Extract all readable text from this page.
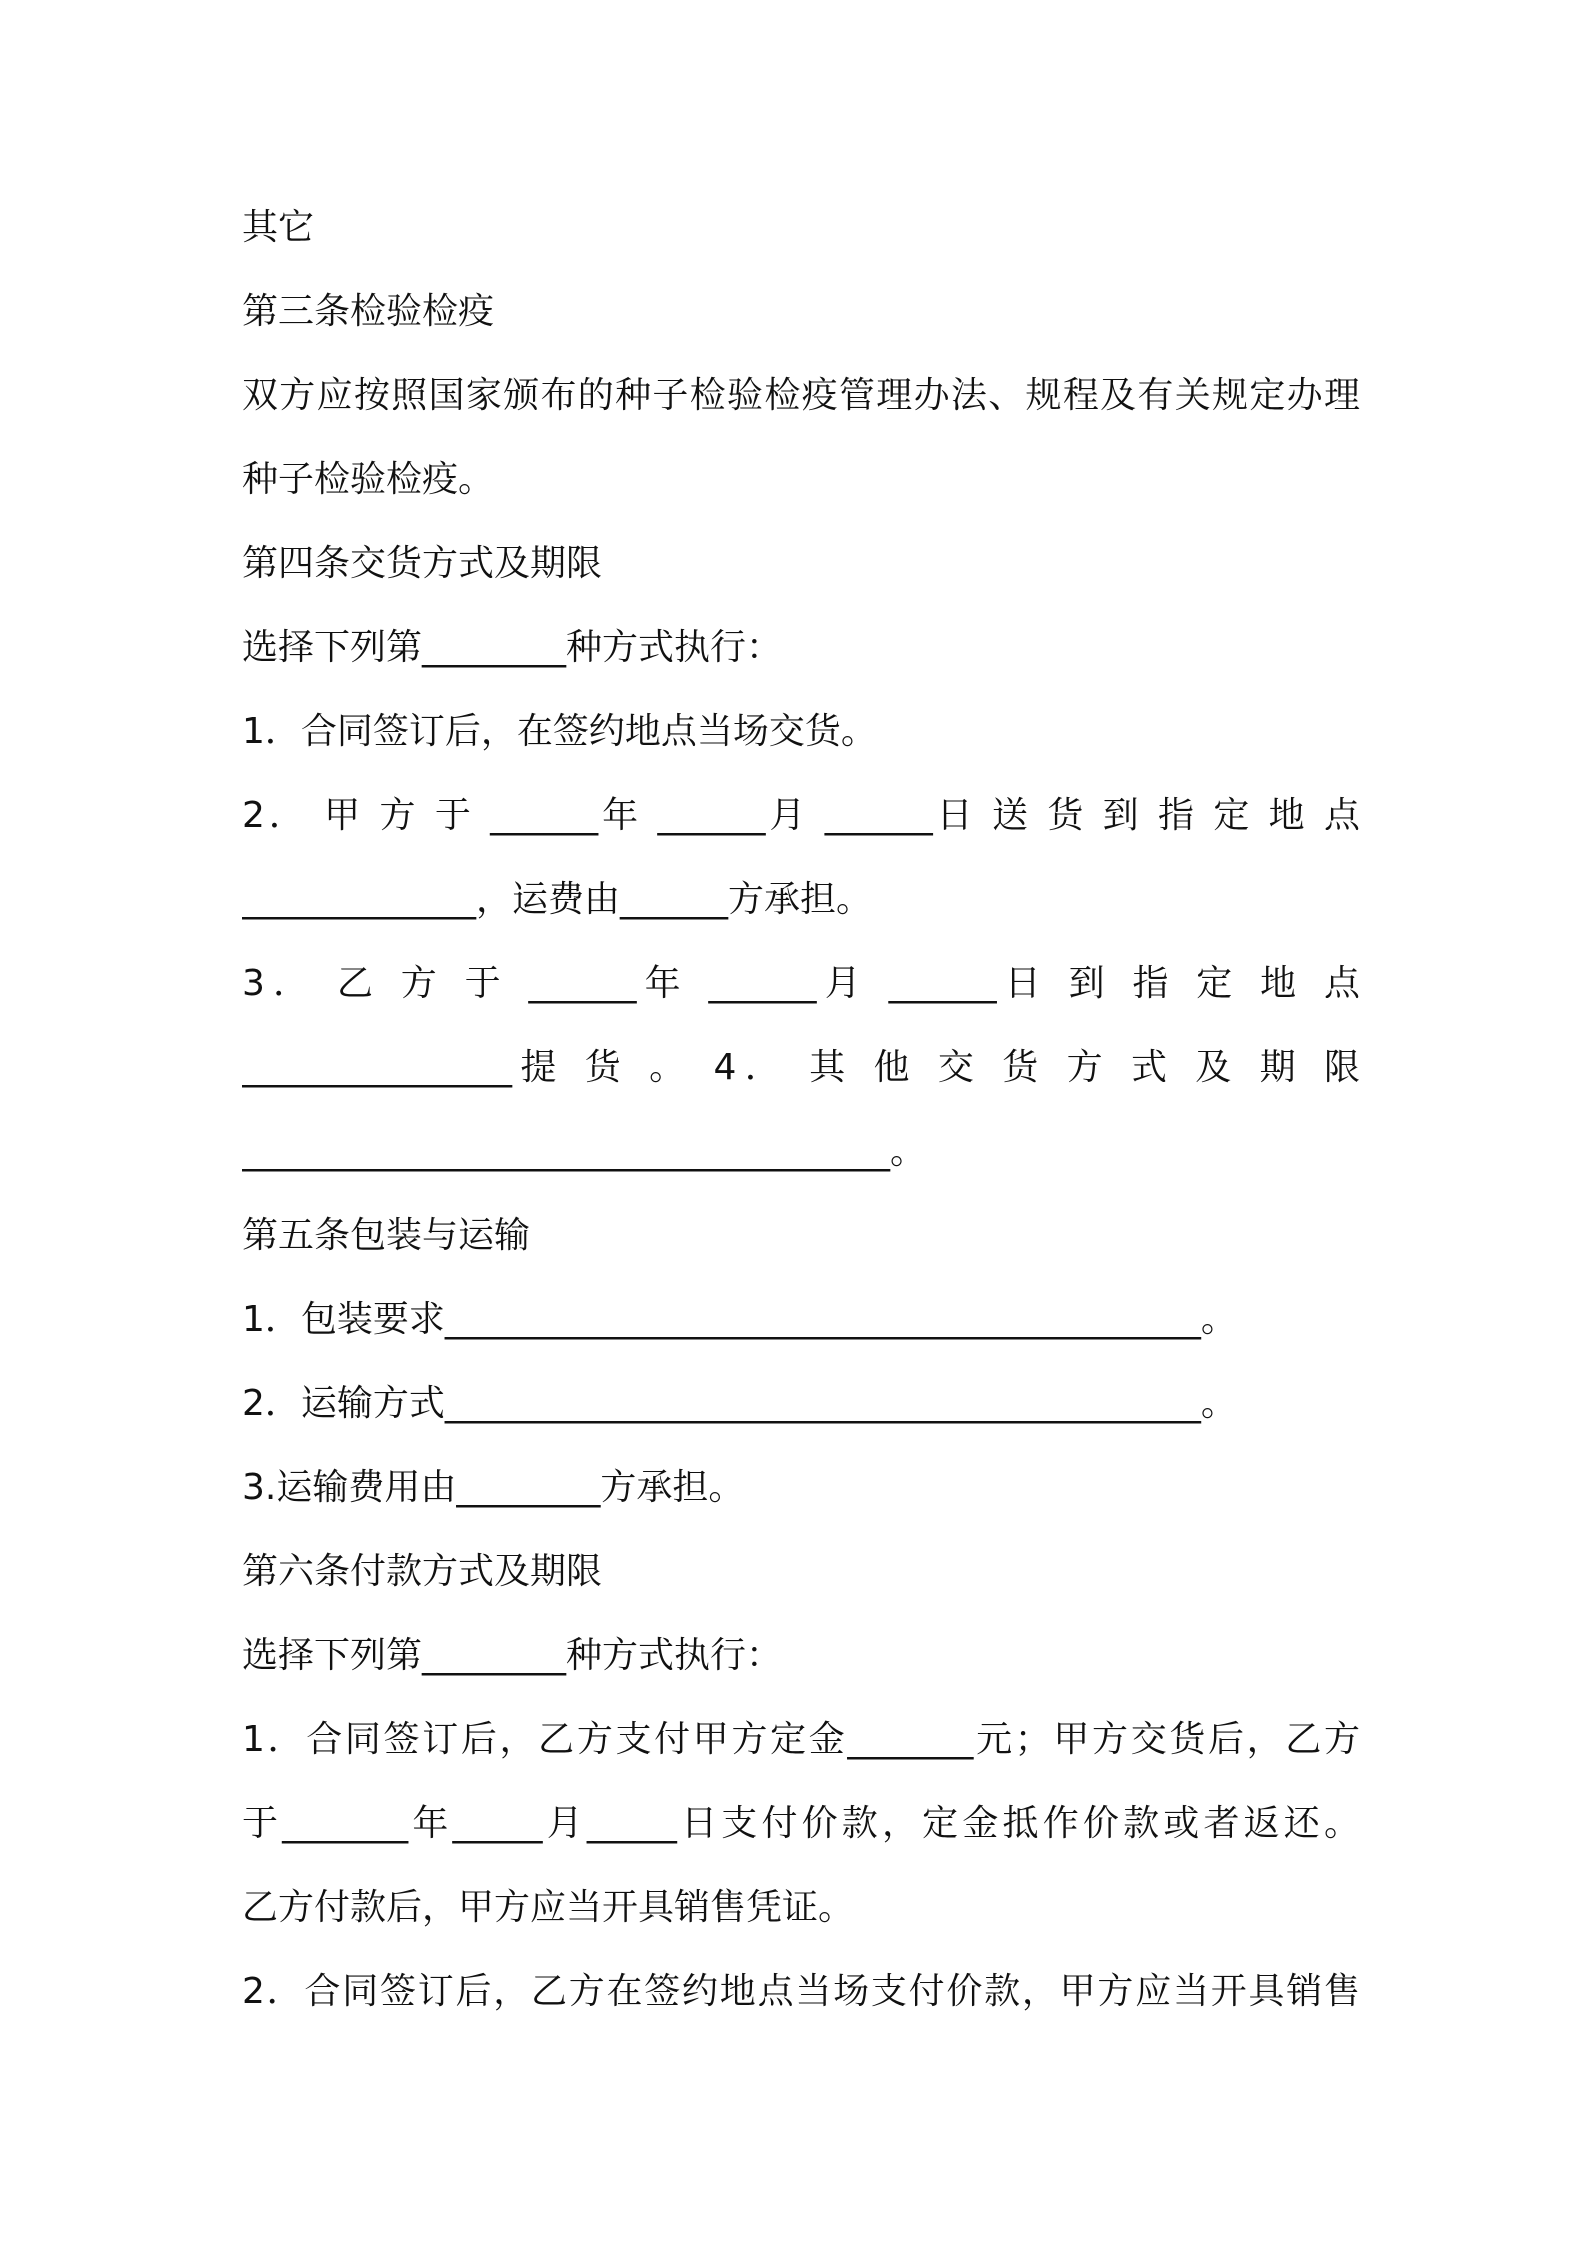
其它
第三条检验检疫
双方应按照国家颁布的种子检验检疫管理办法、规程及有关规定办理
种子检验检疫。
第四条交货方式及期限
选择下列第________种方式执行：
1．合同签订后，在签约地点当场交货。
2． 甲 方 于 ______年 ______月 ______日 送 货 到 指 定 地 点
_____________，运费由______方承担。
3． 乙 方 于 ______年 ______月 ______日 到 指 定 地 点
_______________提 货 。 4． 其 他 交 货 方 式 及 期 限
____________________________________。
第五条包装与运输
1．包装要求__________________________________________。
2．运输方式__________________________________________。
3.运输费用由________方承担。
第六条付款方式及期限
选择下列第________种方式执行：
1．合同签订后，乙方支付甲方定金_______元；甲方交货后，乙方
于_______年_____月_____日支付价款，定金抵作价款或者返还。
乙方付款后，甲方应当开具销售凭证。
2．合同签订后，乙方在签约地点当场支付价款，甲方应当开具销售
